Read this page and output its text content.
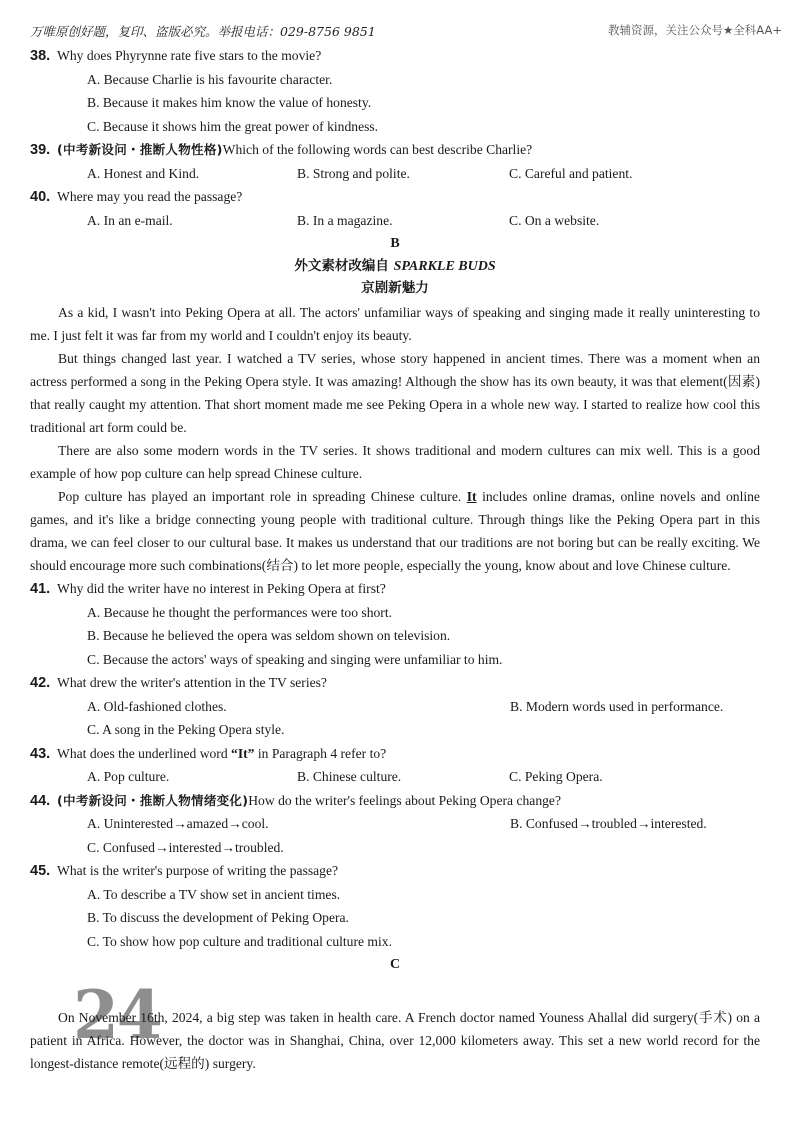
万唯原创好题，复印、盗版必究。举报电话：029-8756 9851	教辅资源，关注公众号★全科AA+
38. Why does Phyrynne rate five stars to the movie?
A. Because Charlie is his favourite character.
B. Because it makes him know the value of honesty.
C. Because it shows him the great power of kindness.
39. (中考新设问・推断人物性格)Which of the following words can best describe Charlie?
A. Honest and Kind.	B. Strong and polite.	C. Careful and patient.
40. Where may you read the passage?
A. In an e-mail.	B. In a magazine.	C. On a website.
B
外文素材改编自 SPARKLE BUDS
京剧新魅力

As a kid, I wasn't into Peking Opera at all. The actors' unfamiliar ways of speaking and singing made it really uninteresting to me. I just felt it was far from my world and I couldn't enjoy its beauty.

But things changed last year. I watched a TV series, whose story happened in ancient times. There was a moment when an actress performed a song in the Peking Opera style. It was amazing! Although the show has its own beauty, it was that element(因素) that really caught my attention. That short moment made me see Peking Opera in a whole new way. I started to realize how cool this traditional art form could be.

There are also some modern words in the TV series. It shows traditional and modern cultures can mix well. This is a good example of how pop culture can help spread Chinese culture.

Pop culture has played an important role in spreading Chinese culture. It includes online dramas, online novels and online games, and it's like a bridge connecting young people with traditional culture. Through things like the Peking Opera part in this drama, we can feel closer to our cultural base. It makes us understand that our traditions are not boring but can be really exciting. We should encourage more such combinations(结合) to let more people, especially the young, know about and love Chinese culture.

41. Why did the writer have no interest in Peking Opera at first?
A. Because he thought the performances were too short.
B. Because he believed the opera was seldom shown on television.
C. Because the actors' ways of speaking and singing were unfamiliar to him.
42. What drew the writer's attention in the TV series?
A. Old-fashioned clothes.	B. Modern words used in performance.
C. A song in the Peking Opera style.
43. What does the underlined word “It” in Paragraph 4 refer to?
A. Pop culture.	B. Chinese culture.	C. Peking Opera.
44. (中考新设问・推断人物情绪变化)How do the writer's feelings about Peking Opera change?
A. Uninterested→amazed→cool.	B. Confused→troubled→interested.
C. Confused→interested→troubled.
45. What is the writer's purpose of writing the passage?
A. To describe a TV show set in ancient times.
B. To discuss the development of Peking Opera.
C. To show how pop culture and traditional culture mix.
C
24

On November 16th, 2024, a big step was taken in health care. A French doctor named Youness Ahallal did surgery(手术) on a patient in Africa. However, the doctor was in Shanghai, China, over 12,000 kilometers away. This set a new world record for the longest-distance remote(远程的) surgery.
